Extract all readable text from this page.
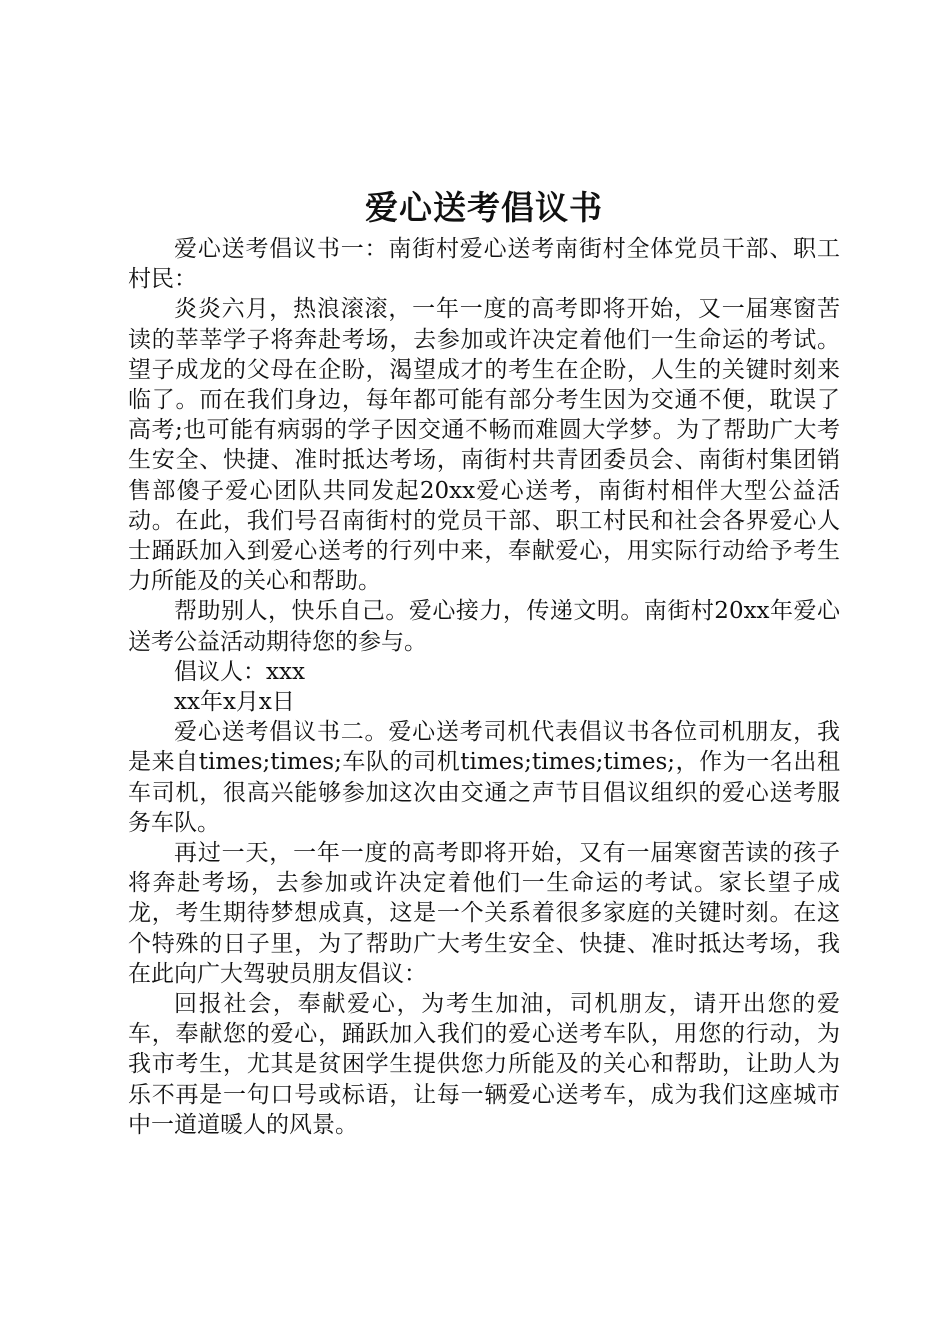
爱心送考倡议书

爱心送考倡议书一：南街村爱心送考南街村全体党员干部、职工村民：

炎炎六月，热浪滚滚，一年一度的高考即将开始，又一届寒窗苦读的莘莘学子将奔赴考场，去参加或许决定着他们一生命运的考试。望子成龙的父母在企盼，渴望成才的考生在企盼，人生的关键时刻来临了。而在我们身边，每年都可能有部分考生因为交通不便，耽误了高考;也可能有病弱的学子因交通不畅而难圆大学梦。为了帮助广大考生安全、快捷、准时抵达考场，南街村共青团委员会、南街村集团销售部傻子爱心团队共同发起20xx爱心送考，南街村相伴大型公益活动。在此，我们号召南街村的党员干部、职工村民和社会各界爱心人士踊跃加入到爱心送考的行列中来，奉献爱心，用实际行动给予考生力所能及的关心和帮助。

帮助别人，快乐自己。爱心接力，传递文明。南街村20xx年爱心送考公益活动期待您的参与。

倡议人：xxx

xx年x月x日

爱心送考倡议书二。爱心送考司机代表倡议书各位司机朋友，我是来自times;times;车队的司机times;times;times;，作为一名出租车司机，很高兴能够参加这次由交通之声节目倡议组织的爱心送考服务车队。

再过一天，一年一度的高考即将开始，又有一届寒窗苦读的孩子将奔赴考场，去参加或许决定着他们一生命运的考试。家长望子成龙，考生期待梦想成真，这是一个关系着很多家庭的关键时刻。在这个特殊的日子里，为了帮助广大考生安全、快捷、准时抵达考场，我在此向广大驾驶员朋友倡议：

回报社会，奉献爱心，为考生加油，司机朋友，请开出您的爱车，奉献您的爱心，踊跃加入我们的爱心送考车队，用您的行动，为我市考生，尤其是贫困学生提供您力所能及的关心和帮助，让助人为乐不再是一句口号或标语，让每一辆爱心送考车，成为我们这座城市中一道道暖人的风景。
